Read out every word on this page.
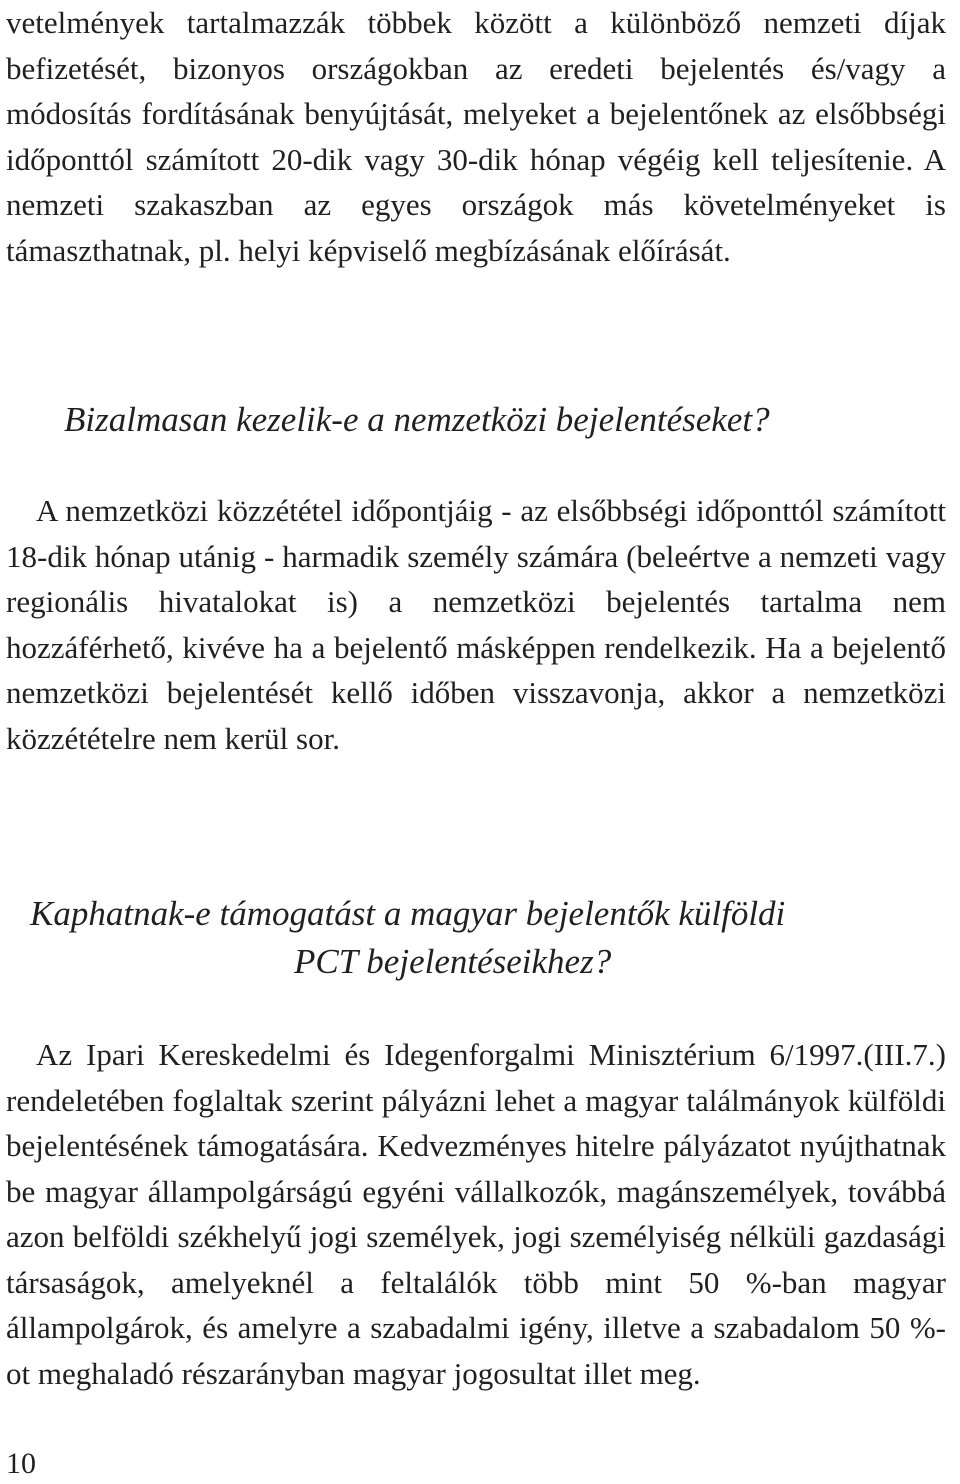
vetelmények tartalmazzák többek között a különböző nemzeti díjak befizetését, bizonyos országokban az eredeti bejelentés és/vagy a módosítás fordításának benyújtását, melyeket a bejelentőnek az elsőbbségi időponttól számított 20-dik vagy 30-dik hónap végéig kell teljesítenie. A nemzeti szakaszban az egyes országok más követelményeket is támaszthatnak, pl. helyi képviselő megbízásának előírását.

Bizalmasan kezelik-e a nemzetközi bejelentéseket?

A nemzetközi közzététel időpontjáig - az elsőbbségi időponttól számított 18-dik hónap utánig - harmadik személy számára (beleértve a nemzeti vagy regionális hivatalokat is) a nemzetközi bejelentés tartalma nem hozzáférhető, kivéve ha a bejelentő másképpen rendelkezik. Ha a bejelentő nemzetközi bejelentését kellő időben visszavonja, akkor a nemzetközi közzétételre nem kerül sor.

Kaphatnak-e támogatást a magyar bejelentők külföldi
PCT bejelentéseikhez?

Az Ipari Kereskedelmi és Idegenforgalmi Minisztérium 6/1997.(III.7.) rendeletében foglaltak szerint pályázni lehet a magyar találmányok külföldi bejelentésének támogatására. Kedvezményes hitelre pályázatot nyújthatnak be magyar állampolgárságú egyéni vállalkozók, magánszemélyek, továbbá azon belföldi székhelyű jogi személyek, jogi személyiség nélküli gazdasági társaságok, amelyeknél a feltalálók több mint 50 %-ban magyar állampolgárok, és amelyre a szabadalmi igény, illetve a szabadalom 50 %-ot meghaladó részarányban magyar jogosultat illet meg.

10
